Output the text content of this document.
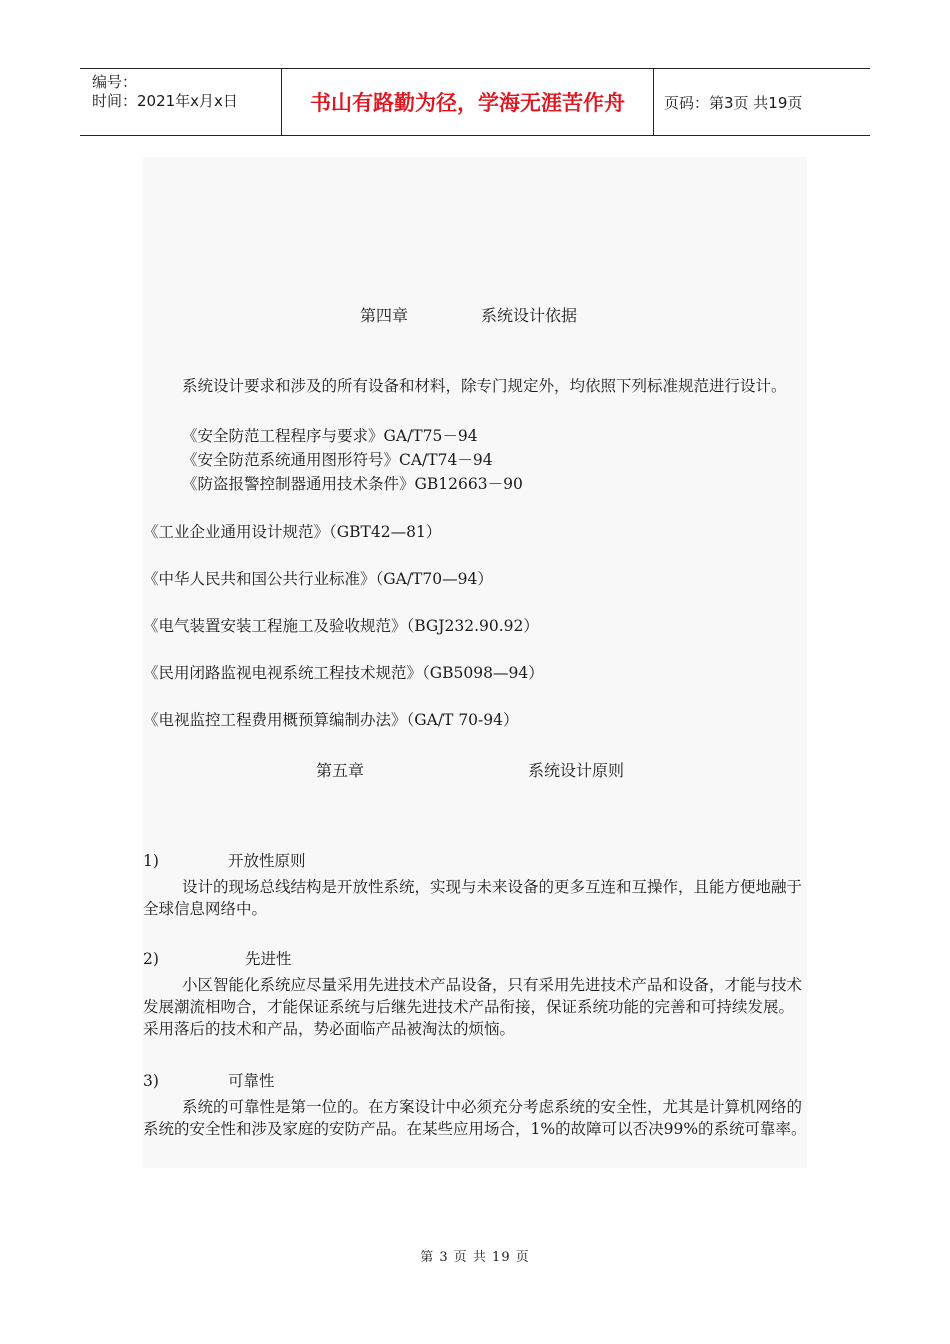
编号：
时间：2021年x月x日	书山有路勤为径，学海无涯苦作舟	页码：第3页 共19页
第四章	系统设计依据
系统设计要求和涉及的所有设备和材料，除专门规定外，均依照下列标准规范进行设计。
《安全防范工程程序与要求》GA/T75－94
《安全防范系统通用图形符号》CA/T74－94
《防盗报警控制器通用技术条件》GB12663－90
《工业企业通用设计规范》（GBT42—81）
《中华人民共和国公共行业标准》（GA/T70—94）
《电气装置安装工程施工及验收规范》（BGJ232.90.92）
《民用闭路监视电视系统工程技术规范》（GB5098—94）
《电视监控工程费用概预算编制办法》（GA/T 70-94）
第五章	系统设计原则
1)	开放性原则
设计的现场总线结构是开放性系统，实现与未来设备的更多互连和互操作，且能方便地融于全球信息网络中。
2)	先进性
小区智能化系统应尽量采用先进技术产品设备，只有采用先进技术产品和设备，才能与技术发展潮流相吻合，才能保证系统与后继先进技术产品衔接，保证系统功能的完善和可持续发展。采用落后的技术和产品，势必面临产品被淘汰的烦恼。
3)	可靠性
系统的可靠性是第一位的。在方案设计中必须充分考虑系统的安全性，尤其是计算机网络的系统的安全性和涉及家庭的安防产品。在某些应用场合，1%的故障可以否决99%的系统可靠率。
第 3 页 共 19 页
